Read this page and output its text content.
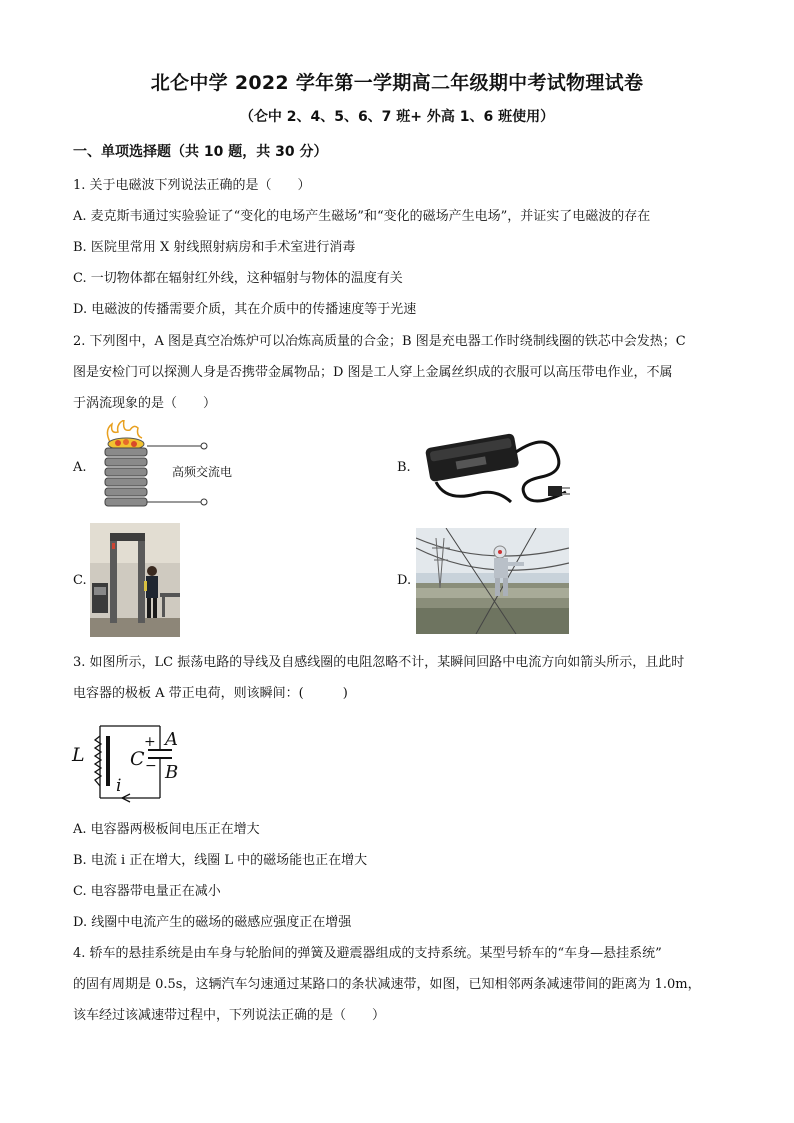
北仑中学 2022 学年第一学期高二年级期中考试物理试卷
（仑中 2、4、5、6、7 班+ 外高 1、6 班使用）
一、单项选择题（共 10 题，共 30 分）
1. 关于电磁波下列说法正确的是（　　）
A. 麦克斯韦通过实验验证了“变化的电场产生磁场”和“变化的磁场产生电场”，并证实了电磁波的存在
B. 医院里常用 X 射线照射病房和手术室进行消毒
C. 一切物体都在辐射红外线，这种辐射与物体的温度有关
D. 电磁波的传播需要介质，其在介质中的传播速度等于光速
2. 下列图中，A 图是真空冶炼炉可以冶炼高质量的合金；B 图是充电器工作时绕制线圈的铁芯中会发热；C
图是安检门可以探测人身是否携带金属物品；D 图是工人穿上金属丝织成的衣服可以高压带电作业，不属
于涡流现象的是（　　）
A.	高频交流电	B.
C.	D.
3. 如图所示，LC 振荡电路的导线及自感线圈的电阻忽略不计，某瞬间回路中电流方向如箭头所示，且此时
电容器的极板 A 带正电荷，则该瞬间：(　　　)
L C
+
−
A
B
i
A. 电容器两极板间电压正在增大
B. 电流 i 正在增大，线圈 L 中的磁场能也正在增大
C. 电容器带电量正在减小
D. 线圈中电流产生的磁场的磁感应强度正在增强
4. 轿车的悬挂系统是由车身与轮胎间的弹簧及避震器组成的支持系统。某型号轿车的“车身—悬挂系统”
的固有周期是 0.5s，这辆汽车匀速通过某路口的条状减速带，如图，已知相邻两条减速带间的距离为 1.0m，
该车经过该减速带过程中，下列说法正确的是（　　）
